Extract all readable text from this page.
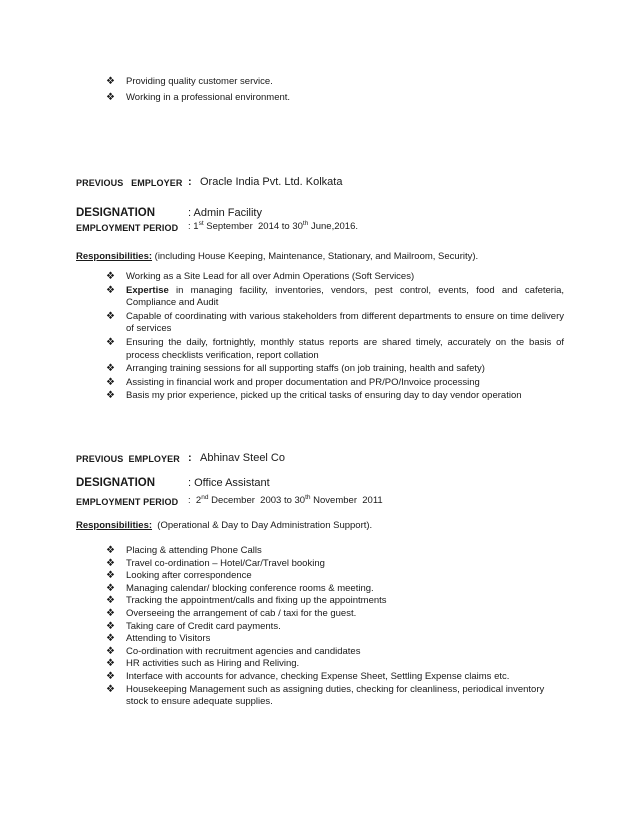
❖ Providing quality customer service.
❖ Working in a professional environment.
PREVIOUS   EMPLOYER : Oracle India Pvt. Ltd. Kolkata
DESIGNATION	: Admin Facility
EMPLOYMENT PERIOD : 1st September  2014 to 30th June,2016.
Responsibilities: (including House Keeping, Maintenance, Stationary, and Mailroom, Security).
❖ Working as a Site Lead for all over Admin Operations (Soft Services)
❖ Expertise in managing facility, inventories, vendors, pest control, events, food and cafeteria, Compliance and Audit
❖ Capable of coordinating with various stakeholders from different departments to ensure on time delivery of services
❖ Ensuring the daily, fortnightly, monthly status reports are shared timely, accurately on the basis of process checklists verification, report collation
❖ Arranging training sessions for all supporting staffs (on job training, health and safety)
❖ Assisting in financial work and proper documentation and PR/PO/Invoice processing
❖ Basis my prior experience, picked up the critical tasks of ensuring day to day vendor operation
PREVIOUS  EMPLOYER : Abhinav Steel Co
DESIGNATION	: Office Assistant
EMPLOYMENT PERIOD :  2nd December  2003 to 30th November  2011
Responsibilities:  (Operational & Day to Day Administration Support).
❖ Placing & attending Phone Calls
❖ Travel co-ordination – Hotel/Car/Travel booking
❖ Looking after correspondence
❖ Managing calendar/ blocking conference rooms & meeting.
❖ Tracking the appointment/calls and fixing up the appointments
❖ Overseeing the arrangement of cab / taxi for the guest.
❖ Taking care of Credit card payments.
❖ Attending to Visitors
❖ Co-ordination with recruitment agencies and candidates
❖ HR activities such as Hiring and Reliving.
❖ Interface with accounts for advance, checking Expense Sheet, Settling Expense claims etc.
❖ Housekeeping Management such as assigning duties, checking for cleanliness, periodical inventory stock to ensure adequate supplies.
